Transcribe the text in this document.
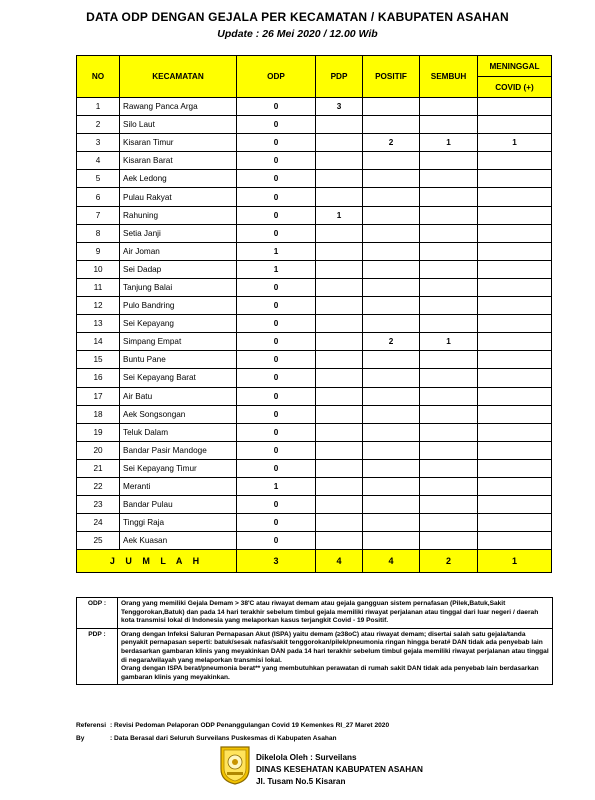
DATA ODP DENGAN GEJALA PER KECAMATAN / KABUPATEN ASAHAN
Update : 26 Mei 2020 / 12.00 Wib
NO	KECAMATAN	ODP	PDP	POSITIF	SEMBUH	MENINGGAL
						COVID (+)
1	Rawang Panca Arga	0	3			
2	Silo Laut	0				
3	Kisaran Timur	0		2	1	1
4	Kisaran Barat	0				
5	Aek Ledong	0				
6	Pulau Rakyat	0				
7	Rahuning	0	1			
8	Setia Janji	0				
9	Air Joman	1				
10	Sei Dadap	1				
11	Tanjung Balai	0				
12	Pulo Bandring	0				
13	Sei Kepayang	0				
14	Simpang Empat	0		2	1	
15	Buntu Pane	0				
16	Sei Kepayang Barat	0				
17	Air Batu	0				
18	Aek Songsongan	0				
19	Teluk Dalam	0				
20	Bandar Pasir Mandoge	0				
21	Sei Kepayang Timur	0				
22	Meranti	1				
23	Bandar Pulau	0				
24	Tinggi Raja	0				
25	Aek Kuasan	0				
J U M L A H		3	4	4	2	1
ODP :	Orang yang memiliki Gejala Demam > 38'C atau riwayat demam atau gejala gangguan sistem pernafasan (Pilek,Batuk,Sakit Tenggorokan,Batuk) dan pada 14 hari terakhir sebelum timbul gejala memiliki riwayat perjalanan atau tinggal dari luar negeri / daerah kota transmisi lokal di Indonesia yang melaporkan kasus terjangkit Covid - 19 Positif.

PDP :	Orang dengan Infeksi Saluran Pernapasan Akut (ISPA) yaitu demam (≥38oC) atau riwayat demam; disertai salah satu gejala/tanda penyakit pernapasan seperti: batuk/sesak nafas/sakit tenggorokan/pilek/pneumonia ringan hingga berat# DAN tidak ada penyebab lain berdasarkan gambaran klinis yang meyakinkan DAN pada 14 hari terakhir sebelum timbul gejala memiliki riwayat perjalanan atau tinggal di negara/wilayah yang melaporkan transmisi lokal.

Orang dengan ISPA berat/pneumonia berat** yang membutuhkan perawatan di rumah sakit DAN tidak ada penyebab lain berdasarkan gambaran klinis yang meyakinkan.

Referensi : Revisi Pedoman Pelaporan ODP Penanggulangan Covid 19 Kemenkes RI_27 Maret 2020
By	: Data Berasal dari Seluruh Surveilans Puskesmas di Kabupaten Asahan
Dikelola Oleh : Surveilans
DINAS KESEHATAN KABUPATEN ASAHAN
Jl. Tusam No.5 Kisaran
